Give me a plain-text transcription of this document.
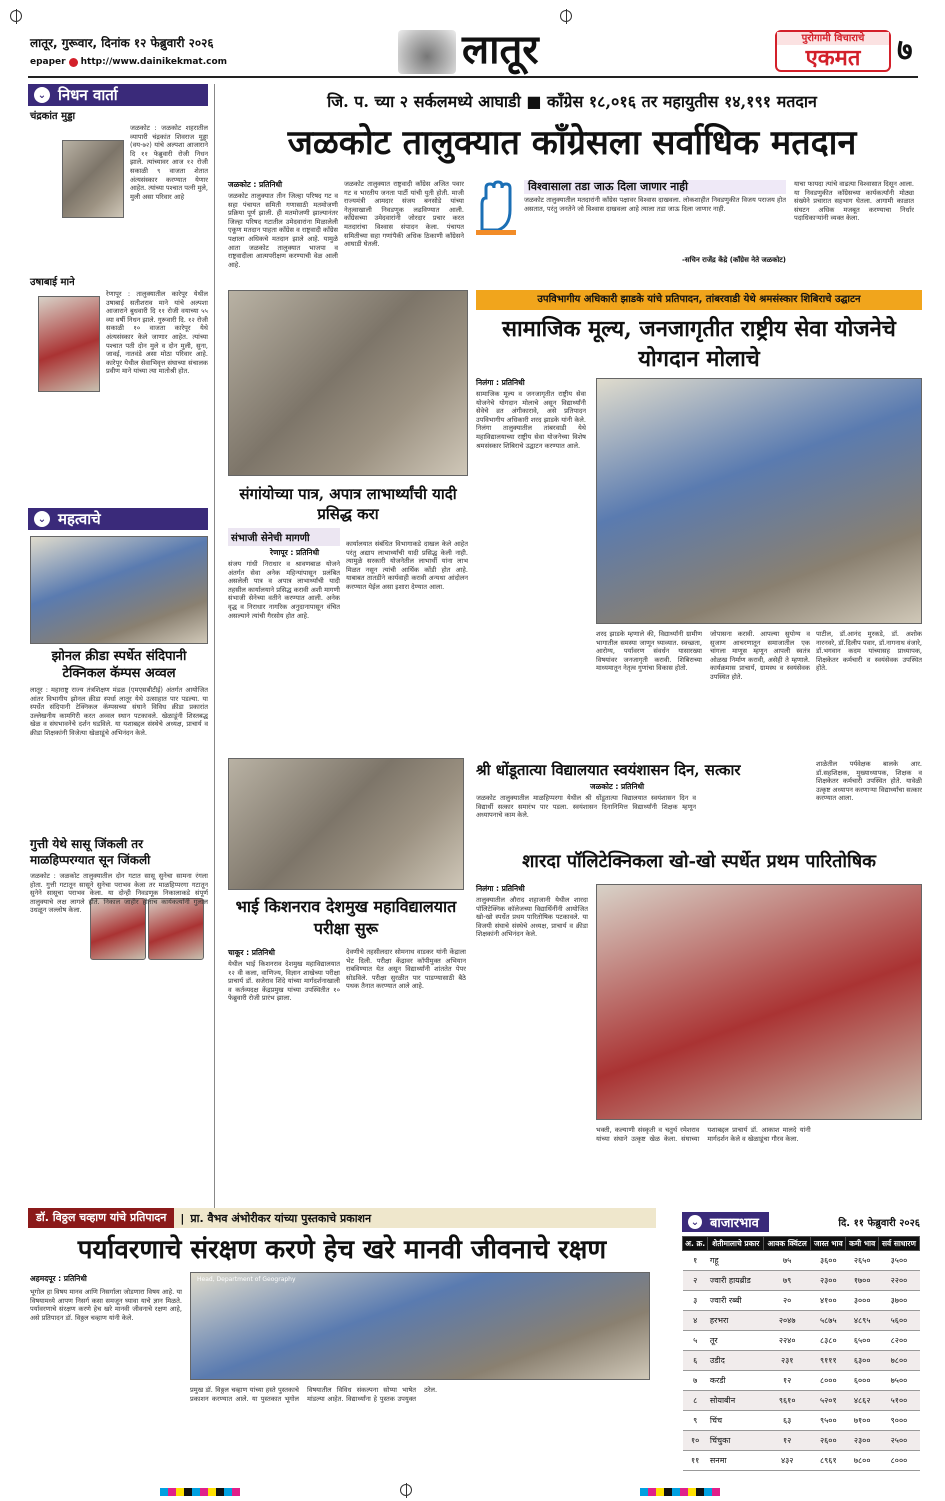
लातूर, गुरूवार, दिनांक १२ फेब्रुवारी २०२६
epaper http://www.dainikekmat.com	लातूर	पुरोगामी विचाराचे
एकमत	७
⌄ निधन वार्ता
चंद्रकांत मुड्डा
जळकोट : जळकोट शहरातील व्यापारी चंद्रकांत शिवराज मुड्डा (वय-७२) यांचे अल्पशा आजाराने दि ११ फेब्रुवारी रोजी निधन झाले. त्यांच्यावर आज १२ रोजी सकाळी ९ वाजता शेतात अंत्यसंस्कार करण्यात येणार आहेत. त्यांच्या पश्चात पत्नी मुले, मुली असा परिवार आहे
उषाबाई माने
रेणापूर : तालुक्यातील कारेपूर येथील उषाबाई सतीशराव माने यांचे अल्पशा आजाराने बुधवारी दि ११ रोजी वयाच्या ५५ व्या वर्षी निधन झाले. गुरूवारी दि. १२ रोजी सकाळी १० वाजता कारेपूर येथे अंत्यसंस्कार केले जाणार आहेत. त्यांच्या पश्चात पती दोन मुले व दोन मुली, सुना, जावई, नातवंडे असा मोठा परिवार आहे. कारेपूर येथील सेवाभिवृत्त संघाच्या संचालक प्रवीण माने यांच्या त्या मातोश्री होत.
⌄ महत्वाचे
झोनल क्रीडा स्पर्धेत संदिपानी टेक्निकल कॅम्पस अव्वल
लातूर : महाराष्ट्र राज्य तंत्रशिक्षण मंडळ (एमएसबीटीई) अंतर्गत आयोजित आंतर विभागीय झोनल क्रीडा स्पर्धा लातूर येथे उत्साहात पार पडल्या. या स्पर्धेत संदिपानी टेक्निकल कॅम्पसच्या संघाने विविध क्रीडा प्रकारांत उल्लेखनीय कामगिरी करत अव्वल स्थान पटकावले. खेळाडूंनी शिस्तबद्ध खेळ व संघभावनेचे दर्शन घडविले. या यशाबद्दल संस्थेचे अध्यक्ष, प्राचार्य व क्रीडा शिक्षकांनी विजेत्या खेळाडूंचे अभिनंदन केले.
गुत्ती येथे सासू जिंकली तर माळहिप्परग्यात सून जिंकली
जळकोट : जळकोट तालुक्यातील दोन गटात सासू सुनेचा सामना रंगला होता. गुत्ती गटातून सासूने सुनेचा पराभव केला तर माळहिप्परगा गटातून सुनेने सासूचा पराभव केला. या दोन्ही निवडणूक निकालाकडे संपूर्ण तालुक्याचे लक्ष लागले होते. निकाल जाहीर होताच कार्यकर्त्यांनी गुलाल उधळून जल्लोष केला.
जि. प. च्या २ सर्कलमध्ये आघाडी ■ काँग्रेस १८,०१६ तर महायुतीस १४,१९१ मतदान
जळकोट तालुक्यात काँग्रेसला सर्वाधिक मतदान
जळकोट : प्रतिनिधी
जळकोट तालुक्यात तीन जिल्हा परिषद गट व सहा पंचायत समिती गणासाठी मतमोजणी प्रक्रिया पूर्ण झाली. ही मतमोजणी झाल्यानंतर जिल्हा परिषद गटातील उमेदवारांना मिळालेली एकूण मतदान पाहता काँग्रेस व राष्ट्रवादी काँग्रेस पक्षाला अधिकचे मतदान झाले आहे. यामुळे आता जळकोट तालुक्यात भाजपा व राष्ट्रवादीला आत्मपरीक्षण करण्याची वेळ आली आहे.
जळकोट तालुक्यात राष्ट्रवादी काँग्रेस अजित पवार गट व भारतीय जनता पार्टी यांची युती होती. माजी राज्यमंत्री आमदार संजय बनसोडे यांच्या नेतृत्वाखाली निवडणूक लढविण्यात आली. काँग्रेसच्या उमेदवारांनी जोरदार प्रचार करत मतदारांचा विश्वास संपादन केला. पंचायत समितीच्या सहा गणांपैकी अधिक ठिकाणी काँग्रेसने आघाडी घेतली.
विश्वासाला तडा जाऊ दिला जाणार नाही
जळकोट तालुक्यातील मतदारांनी काँग्रेस पक्षावर विश्वास दाखवला. लोकशाहीत निवडणुकीत विजय पराजय होत असतात, परंतु जनतेने जो विश्वास दाखवला आहे त्याला तडा जाऊ दिला जाणार नाही.
-सचिन राजेंद्र केंद्रे (काँग्रेस नेते जळकोट)
याचा फायदा त्यांचे वाढत्या विश्वासात दिसून आला. या निवडणुकीत काँग्रेसच्या कार्यकर्त्यांनी मोठ्या संख्येने प्रचारात सहभाग घेतला. आगामी काळात संघटन अधिक मजबूत करण्याचा निर्धार पदाधिकाऱ्यांनी व्यक्त केला.
संगांयोच्या पात्र, अपात्र लाभार्थ्यांची यादी प्रसिद्ध करा
संभाजी सेनेची मागणी
रेणापूर : प्रतिनिधी
संजय गांधी निराधार व श्रावणबाळ योजने अंतर्गत सेवा अनेक महिन्यांपासून प्रलंबित असलेली पात्र व अपात्र लाभार्थ्यांची यादी तहसील कार्यालयाने प्रसिद्ध करावी अशी मागणी संभाजी सेनेच्या वतीने करण्यात आली. अनेक वृद्ध व निराधार नागरिक अनुदानापासून वंचित असल्याने त्यांची गैरसोय होत आहे.
कार्यालयात संबंधित विभागाकडे दाखल केले आहेत परंतु अद्याप लाभार्थ्यांची यादी प्रसिद्ध केली नाही. त्यामुळे सरकारी योजनेतील लाभार्थी यांना लाभ मिळत नसून त्यांची आर्थिक कोंडी होत आहे. याबाबत तातडीने कार्यवाही करावी अन्यथा आंदोलन करण्यात येईल असा इशारा देण्यात आला.
उपविभागीय अधिकारी झाडके यांचे प्रतिपादन, तांबरवाडी येथे श्रमसंस्कार शिबिराचे उद्घाटन
सामाजिक मूल्य, जनजागृतीत राष्ट्रीय सेवा योजनेचे योगदान मोलाचे
निलंगा : प्रतिनिधी
सामाजिक मूल्य व जनजागृतीत राष्ट्रीय सेवा योजनेचे योगदान मोलाचे असून विद्यार्थ्यांनी सेवेचे व्रत अंगीकारावे, असे प्रतिपादन उपविभागीय अधिकारी शरद झाडके यांनी केले. निलंगा तालुक्यातील तांबरवाडी येथे महाविद्यालयाच्या राष्ट्रीय सेवा योजनेच्या विशेष श्रमसंस्कार शिबिराचे उद्घाटन करण्यात आले.
शरद झाडके म्हणाले की, विद्यार्थ्यांनी ग्रामीण भागातील समस्या जाणून घ्याव्यात. स्वच्छता, आरोग्य, पर्यावरण संवर्धन यासारख्या विषयांवर जनजागृती करावी. शिबिराच्या माध्यमातून नेतृत्व गुणांचा विकास होतो.
जोपासना करावी. आपल्या सुयोग्य व सुजाण आचरणातून समाजातील एक चांगला माणूस म्हणून आपली स्वतंत्र ओळख निर्माण करावी, असेही ते म्हणाले. कार्यक्रमास प्राचार्य, ग्रामस्थ व स्वयंसेवक उपस्थित होते.
पाटील, डॉ.आनंद मुरकडे, डॉ. अशोक नारनवरे, डॉ.दिलीप पवार, डॉ.नागनाथ वंजारे, डॉ.भगवान कदम यांच्यासह प्राध्यापक, शिक्षकेतर कर्मचारी व स्वयंसेवक उपस्थित होते.
भाई किशनराव देशमुख महाविद्यालयात परीक्षा सुरू
चाकूर : प्रतिनिधी
येथील भाई किशनराव देशमुख महाविद्यालयात १२ वी कला, वाणिज्य, विज्ञान शाखेच्या परीक्षा प्राचार्य डॉ. सजेराव शिंदे यांच्या मार्गदर्शनाखाली व कर्तव्यदक्ष केंद्रप्रमुख यांच्या उपस्थितीत १० फेब्रुवारी रोजी प्रारंभ झाला.
देवणीचे तहसीलदार सोमनाथ वाडकर यांनी केंद्राला भेट दिली. परीक्षा केंद्रावर कॉपीमुक्त अभियान राबविण्यात येत असून विद्यार्थ्यांनी शांततेत पेपर सोडविले. परीक्षा सुरळीत पार पाडण्यासाठी बैठे पथक तैनात करण्यात आले आहे.
श्री धोंडूतात्या विद्यालयात स्वयंशासन दिन, सत्कार
जळकोट : प्रतिनिधी
जळकोट तालुक्यातील माळहिप्परगा येथील श्री धोंडूतात्या विद्यालयात स्वयंशासन दिन व विद्यार्थी सत्कार समारंभ पार पडला. स्वयंशासन दिनानिमित्त विद्यार्थ्यांनी शिक्षक म्हणून अध्यापनाचे काम केले.
शाळेतील पर्यवेक्षक बालके आर. डॉ.सहशिक्षक, मुख्याध्यापक, शिक्षक व शिक्षकेतर कर्मचारी उपस्थित होते. यावेळी उत्कृष्ट अध्यापन करणाऱ्या विद्यार्थ्यांचा सत्कार करण्यात आला.
शारदा पॉलिटेक्निकला खो-खो स्पर्धेत प्रथम पारितोषिक
निलंगा : प्रतिनिधी
तालुक्यातील औराद शहाजानी येथील शारदा पॉलिटेक्निक कॉलेजच्या विद्यार्थिनींनी आयोजित खो-खो स्पर्धेत प्रथम पारितोषिक पटकावले. या विजयी संघाचे संस्थेचे अध्यक्ष, प्राचार्य व क्रीडा शिक्षकांनी अभिनंदन केले.
भक्ती, कल्याणी संस्कृती व चतुर्थ रमेशराव यांच्या संघाने उत्कृष्ट खेळ केला. संघाच्या यशाबद्दल प्राचार्य डॉ. आकाश मालदे यांनी मार्गदर्शन केले व खेळाडूंचा गौरव केला.
डॉ. विठ्ठल चव्हाण यांचे प्रतिपादन	| प्रा. वैभव अंभोरीकर यांच्या पुस्तकाचे प्रकाशन
पर्यावरणाचे संरक्षण करणे हेच खरे मानवी जीवनाचे रक्षण
अहमदपूर : प्रतिनिधी
भूगोल हा विषय मानव आणि निसर्गाला जोडणारा विषय आहे. या विषयामध्ये आपण निसर्ग कसा समजून घ्यावा याचे ज्ञान मिळते. पर्यावरणाचे संरक्षण करणे हेच खरे मानवी जीवनाचे रक्षण आहे, असे प्रतिपादन डॉ. विठ्ठल चव्हाण यांनी केले.
Head, Department of Geography
प्रमुख डॉ. विठ्ठल चव्हाण यांच्या हस्ते पुस्तकाचे प्रकाशन करण्यात आले. या पुस्तकात भूगोल विषयातील विविध संकल्पना सोप्या भाषेत मांडल्या आहेत. विद्यार्थ्यांना हे पुस्तक उपयुक्त ठरेल.
⌄ बाजारभाव	दि. ११ फेब्रुवारी २०२६
अ. क्र.	शेतीमालाचे प्रकार	आवक क्विंटल	जास्त भाव	कमी भाव	सर्व साधारण
१	गहू	७५	३६००	२६५०	३५००
२	ज्वारी हायब्रीड	७९	२३००	१७००	२२००
३	ज्वारी रब्बी	२०	४१००	३०००	३७००
४	हरभरा	२०४७	५८७५	४८९५	५६००
५	तूर	२२४०	८३८०	६५००	८२००
६	उडीद	२३१	९१११	६३००	७८००
७	करडी	१२	८०००	६०००	७५००
८	सोयाबीन	९६१०	५२०१	४८६२	५१००
९	चिंच	६३	९५००	७१००	९०००
१०	चिंचुका	१२	२६००	२३००	२५००
११	सनमा	४३२	८९६१	७८००	८०००
